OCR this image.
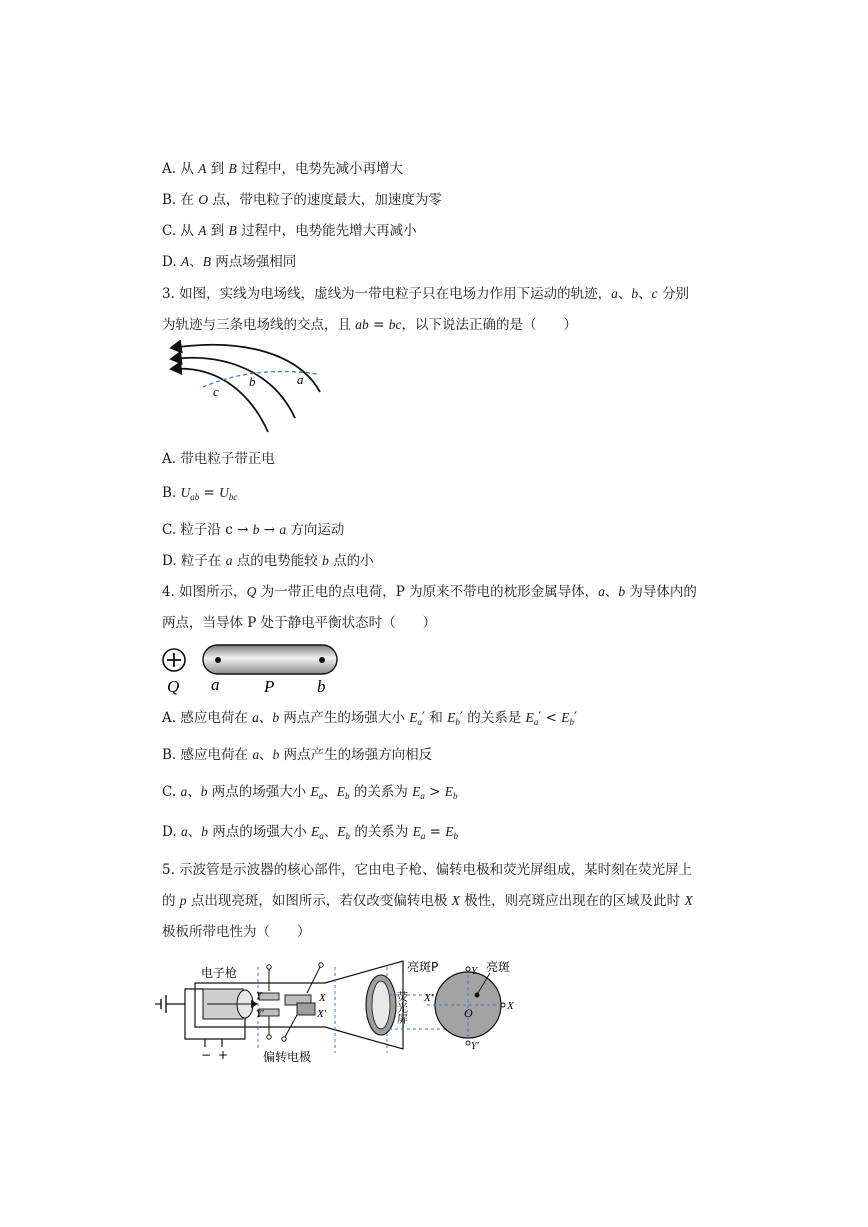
A. 从 A 到 B 过程中，电势先减小再增大
B. 在 O 点，带电粒子的速度最大，加速度为零
C. 从 A 到 B 过程中，电势能先增大再减小
D. A、B 两点场强相同
3. 如图，实线为电场线，虚线为一带电粒子只在电场力作用下运动的轨迹，a、b、c 分别
为轨迹与三条电场线的交点，且 ab = bc，以下说法正确的是（　　）
a
b
c
A. 带电粒子带正电
B. $U_{ab} = U_{bc}$
C. 粒子沿 c → b → a 方向运动
D. 粒子在 a 点的电势能较 b 点的小
4. 如图所示，Q 为一带正电的点电荷，P 为原来不带电的枕形金属导体，a、b 为导体内的
两点，当导体 P 处于静电平衡状态时（　　）
Q a	P	b
A. 感应电荷在 a、b 两点产生的场强大小 $E_a'$ 和 $E_b'$ 的关系是 $E_a' < E_b'$
B. 感应电荷在 a、b 两点产生的场强方向相反
C. a、b 两点的场强大小 $E_a$、$E_b$ 的关系为 $E_a > E_b$
D. a、b 两点的场强大小 $E_a$、$E_b$ 的关系为 $E_a = E_b$
5. 示波管是示波器的核心部件，它由电子枪、偏转电极和荧光屏组成，某时刻在荧光屏上
的 p 点出现亮斑，如图所示，若仅改变偏转电极 X 极性，则亮斑应出现在的区域及此时 X
极板所带电性为（　　）
− +
电子枪
Y
Y′
X
X′
偏转电极
荧光屏
亮斑P	亮斑
Y
Y′
X
X′
O
